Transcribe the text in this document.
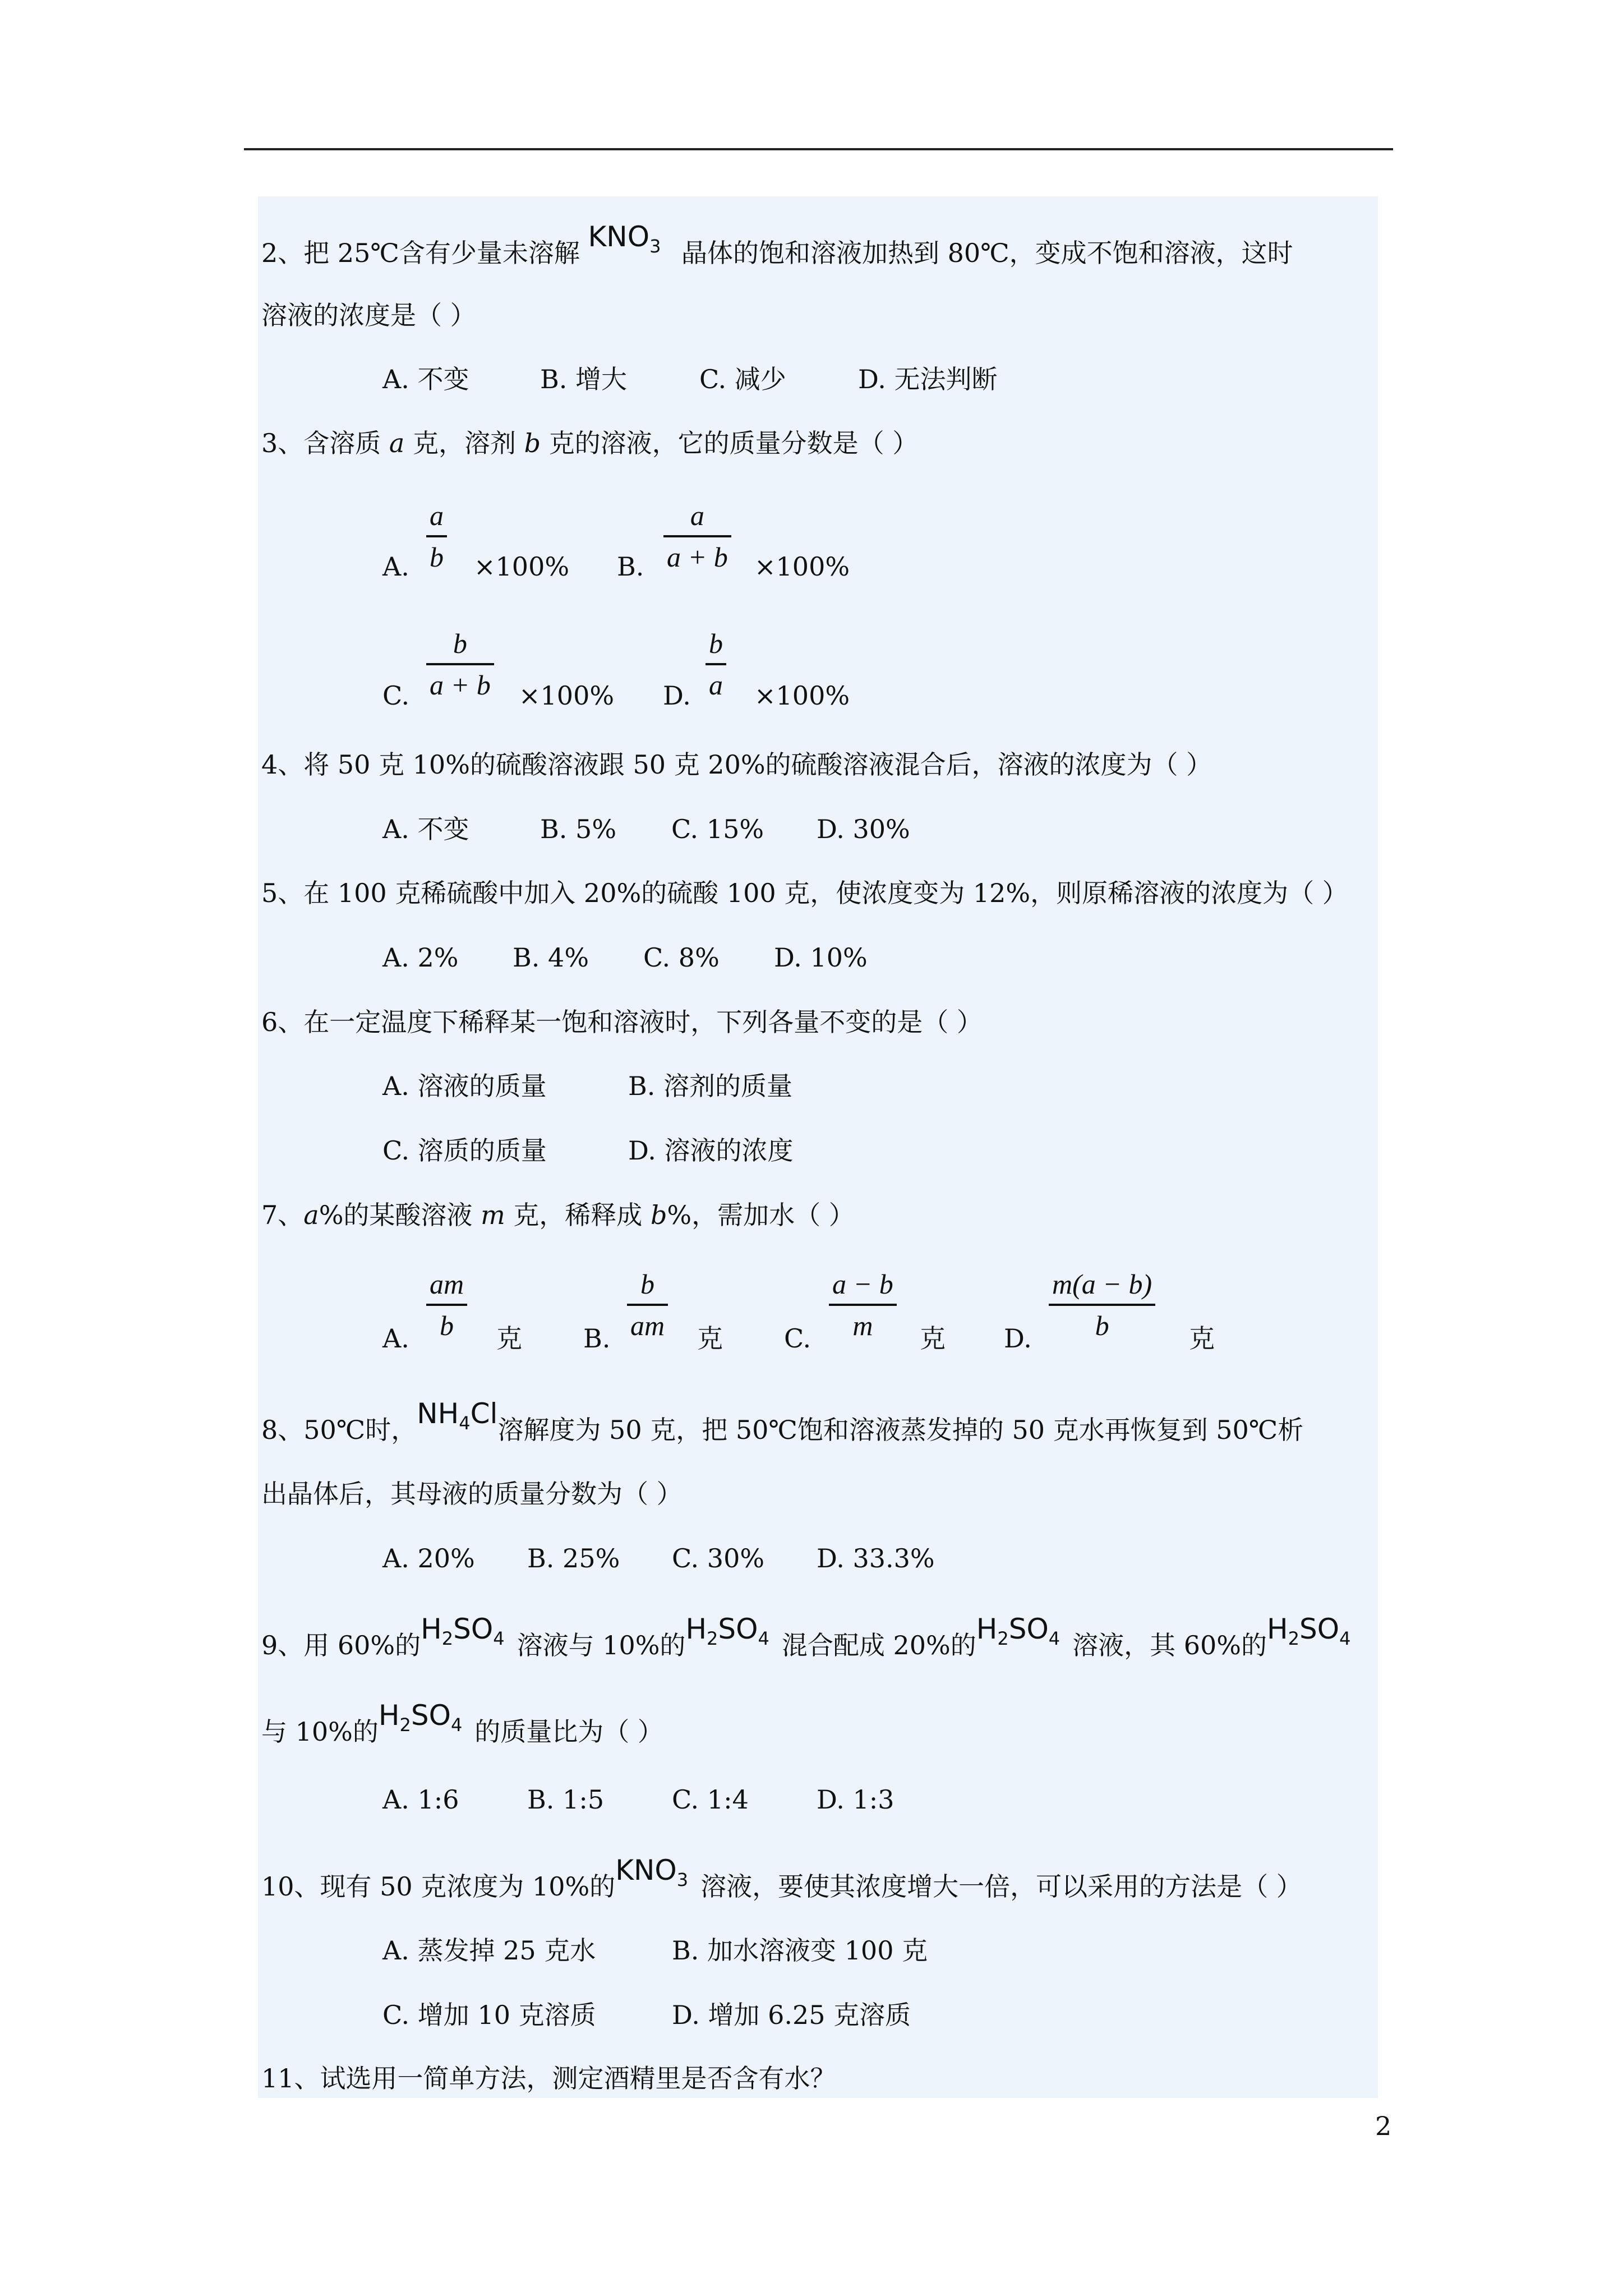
2、把 25℃含有少量未溶解 $KNO_3$ 晶体的饱和溶液加热到 80℃，变成不饱和溶液，这时
溶液的浓度是（ ）
A. 不变	B. 增大	C. 减少	D. 无法判断
3、含溶质 a 克，溶剂 b 克的溶液，它的质量分数是（ ）
A. $\frac{a}{b} \times 100\%$ B. $\frac{a}{a + b} \times 100\%$
C. $\frac{b}{a + b} \times 100\%$ D. $\frac{b}{a} \times 100\%$
4、将 50 克 10%的硫酸溶液跟 50 克 20%的硫酸溶液混合后，溶液的浓度为（ ）
A. 不变	B. 5% C. 15% D. 30%
5、在 100 克稀硫酸中加入 20%的硫酸 100 克，使浓度变为 12%，则原稀溶液的浓度为（ ）
A. 2% B. 4% C. 8% D. 10%
6、在一定温度下稀释某一饱和溶液时，下列各量不变的是（ ）
A. 溶液的质量	B. 溶剂的质量
C. 溶质的质量	D. 溶液的浓度
7、a%的某酸溶液 m 克，稀释成 b%，需加水（ ）
A. $\frac{am}{b}$ 克 B. $\frac{b}{am}$ 克 C. $\frac{a - b}{m}$ 克 D. $\frac{m(a - b)}{b}$ 克
8、50℃时，$NH_4Cl$溶解度为 50 克，把 50℃饱和溶液蒸发掉的 50 克水再恢复到 50℃析
出晶体后，其母液的质量分数为（ ）
A. 20% B. 25% C. 30% D. 33.3%
9、用 60%的$H_2SO_4$ 溶液与 10%的$H_2SO_4$ 混合配成 20%的$H_2SO_4$ 溶液，其 60%的$H_2SO_4$
与 10%的$H_2SO_4$ 的质量比为（ ）
A. 1:6	B. 1:5	C. 1:4	D. 1:3
10、现有 50 克浓度为 10%的$KNO_3$ 溶液，要使其浓度增大一倍，可以采用的方法是（ ）
A. 蒸发掉 25 克水	B. 加水溶液变 100 克
C. 增加 10 克溶质	D. 增加 6.25 克溶质
11、试选用一简单方法，测定酒精里是否含有水？
2
